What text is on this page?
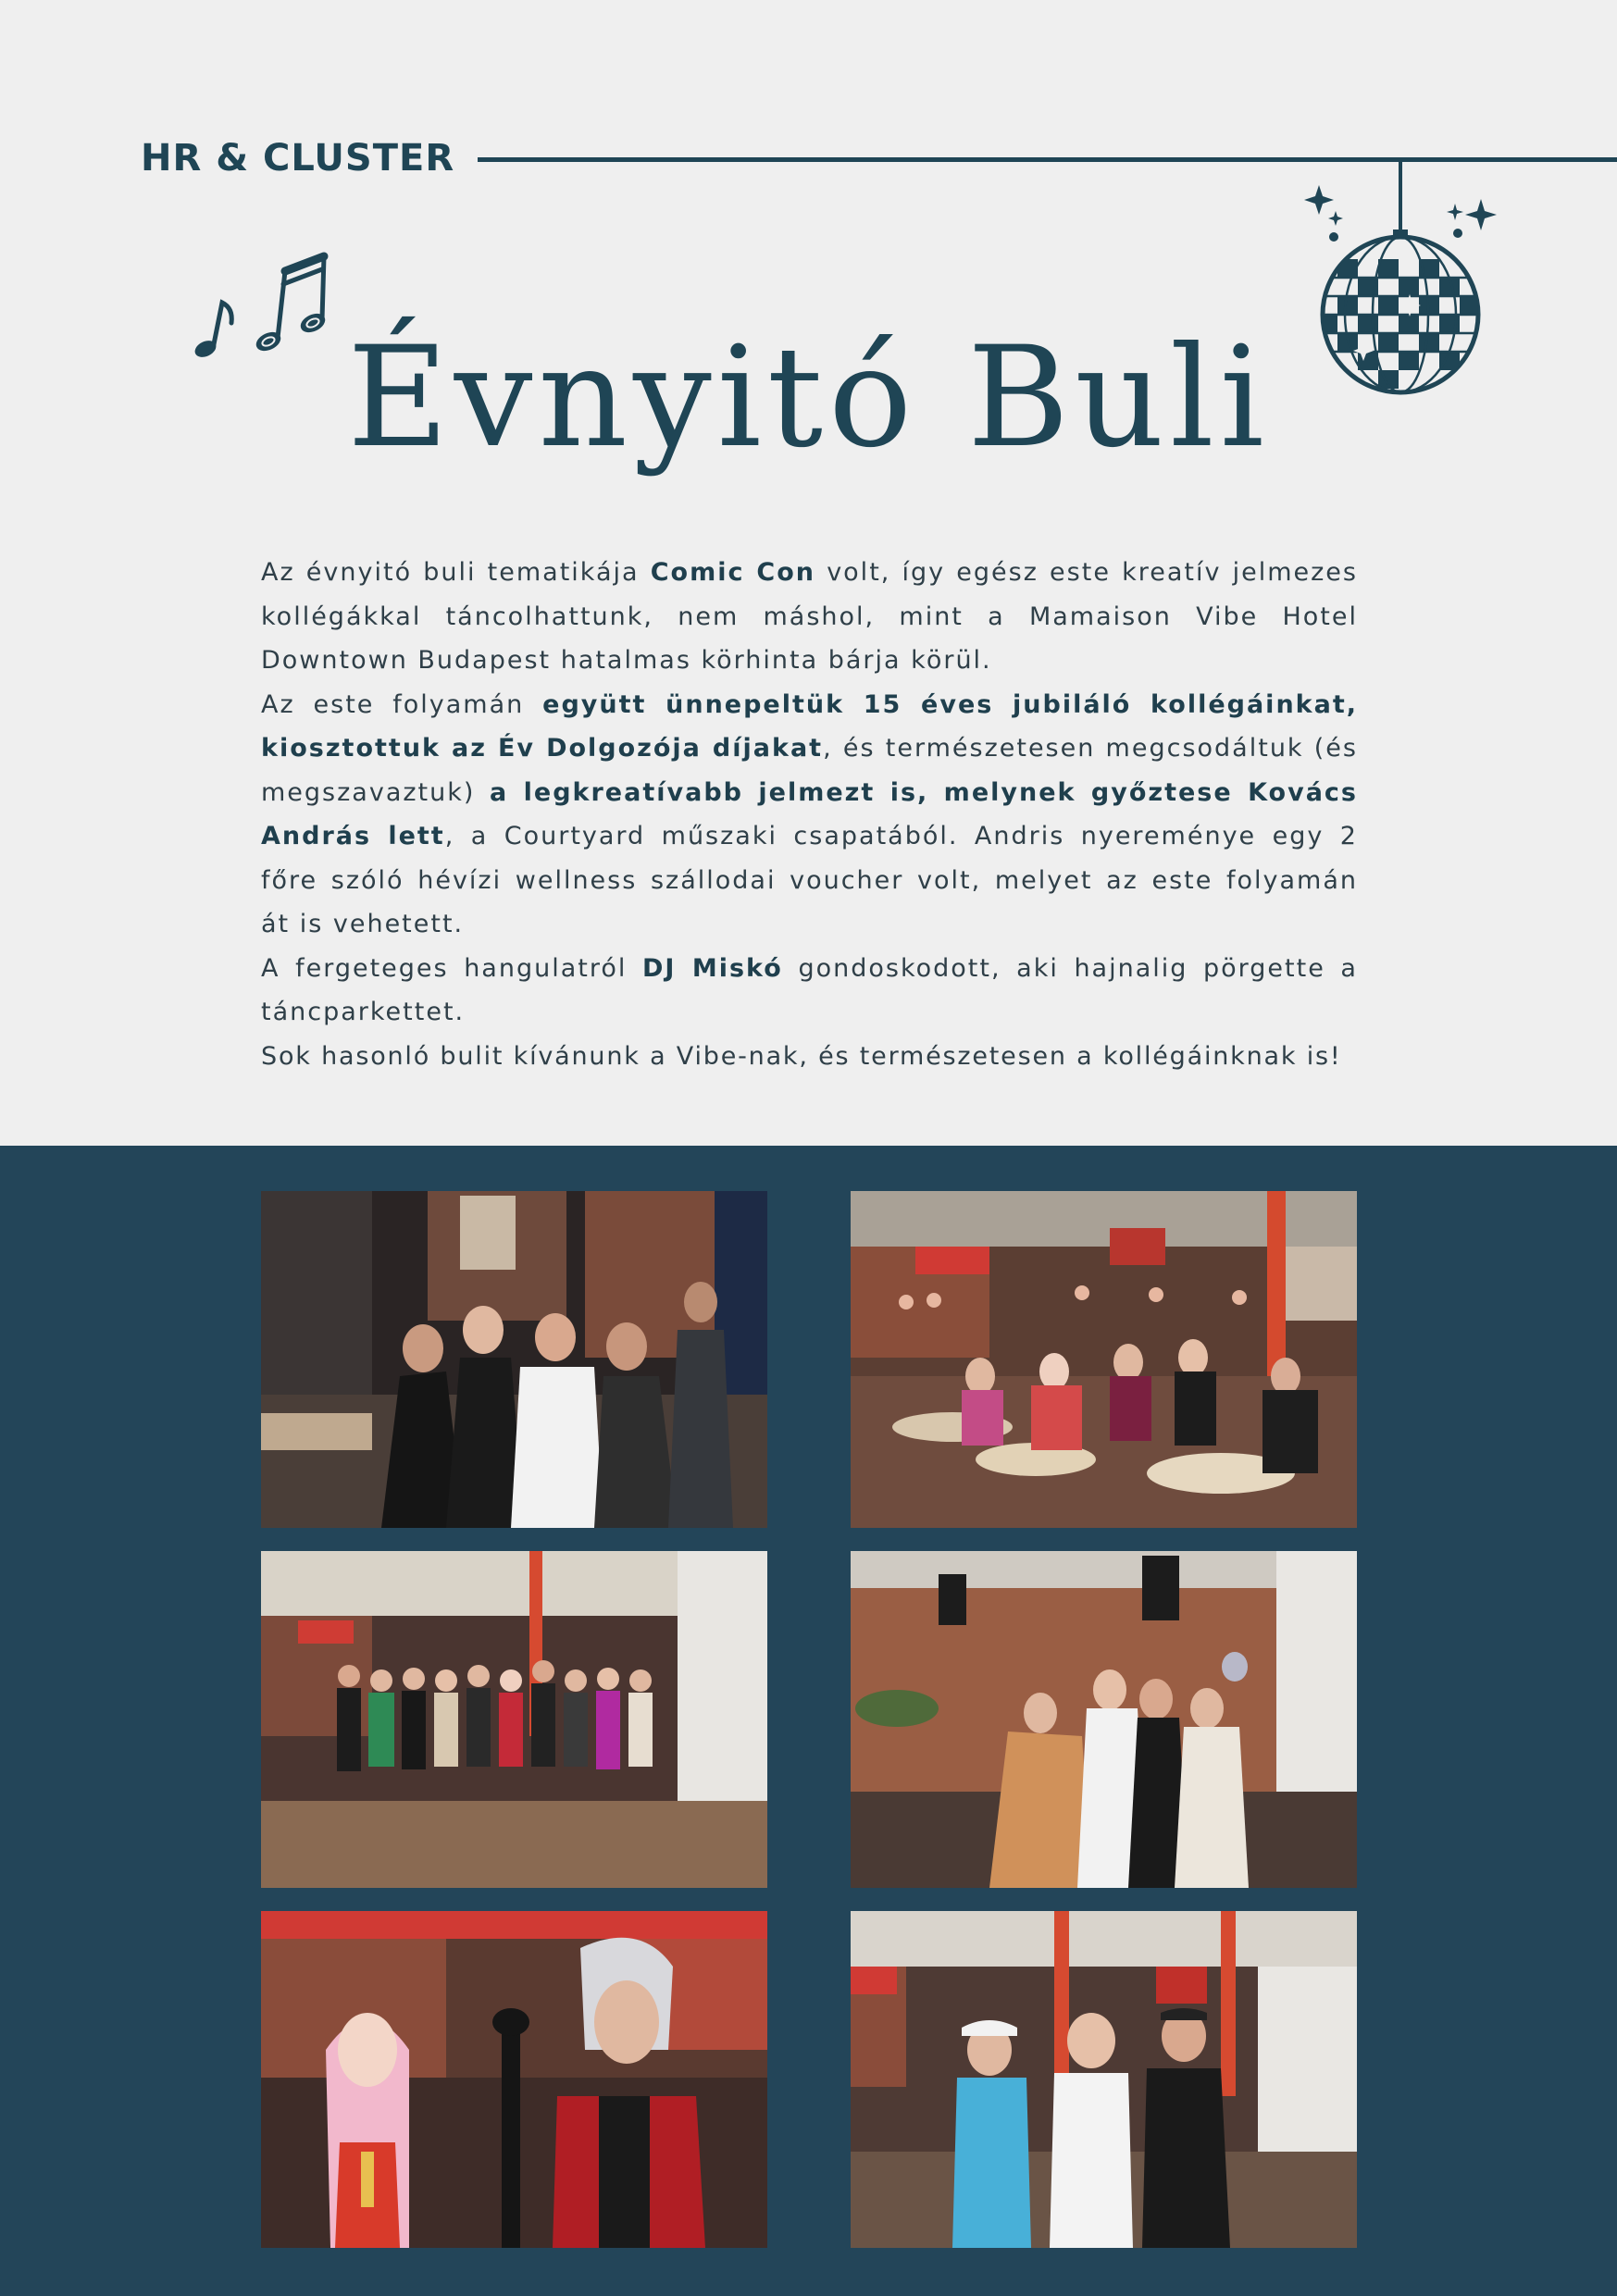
HR & CLUSTER
Évnyitó Buli

Az évnyitó buli tematikája Comic Con volt, így egész este kreatív jelmezes kollégákkal táncolhattunk, nem máshol, mint a Mamaison Vibe Hotel Downtown Budapest hatalmas körhinta bárja körül.

Az este folyamán együtt ünnepeltük 15 éves jubiláló kollégáinkat, kiosztottuk az Év Dolgozója díjakat, és természetesen megcsodáltuk (és megszavaztuk) a legkreatívabb jelmezt is, melynek győztese Kovács András lett, a Courtyard műszaki csapatából. Andris nyereménye egy 2 főre szóló hévízi wellness szállodai voucher volt, melyet az este folyamán át is vehetett.

A fergeteges hangulatról DJ Miskó gondoskodott, aki hajnalig pörgette a táncparkettet.

Sok hasonló bulit kívánunk a Vibe-nak, és természetesen a kollégáinknak is!
